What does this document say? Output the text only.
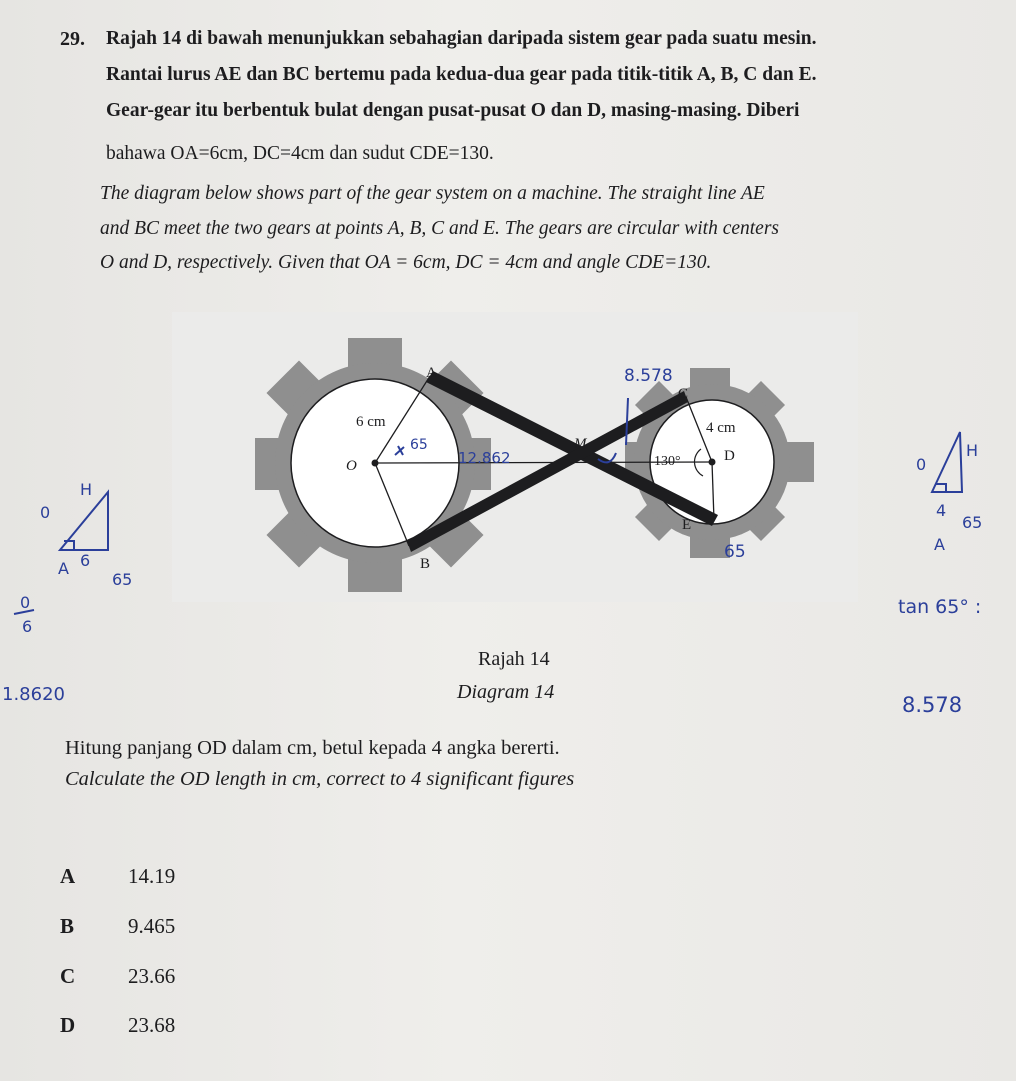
29. Rajah 14 di bawah menunjukkan sebahagian daripada sistem gear pada suatu mesin.
Rantai lurus AE dan BC bertemu pada kedua-dua gear pada titik-titik A, B, C dan E.
Gear-gear itu berbentuk bulat dengan pusat-pusat O dan D, masing-masing. Diberi
bahawa OA=6cm, DC=4cm dan sudut CDE=130.
The diagram below shows part of the gear system on a machine. The straight line AE
and BC meet the two gears at points A, B, C and E. The gears are circular with centers
O and D, respectively. Given that OA = 6cm, DC = 4cm and angle CDE=130.
A
B
C
D
E
O
M
6 cm	4 cm
130°
8.578
65
12.862
65
H
0
A 6
65
0
6
1.8620
H
0
4
65
A
tan 65° :
8.578
Rajah 14
Diagram 14
Hitung panjang OD dalam cm, betul kepada 4 angka bererti.
Calculate the OD length in cm, correct to 4 significant figures
A	14.19
B	9.465
C	23.66
D	23.68
